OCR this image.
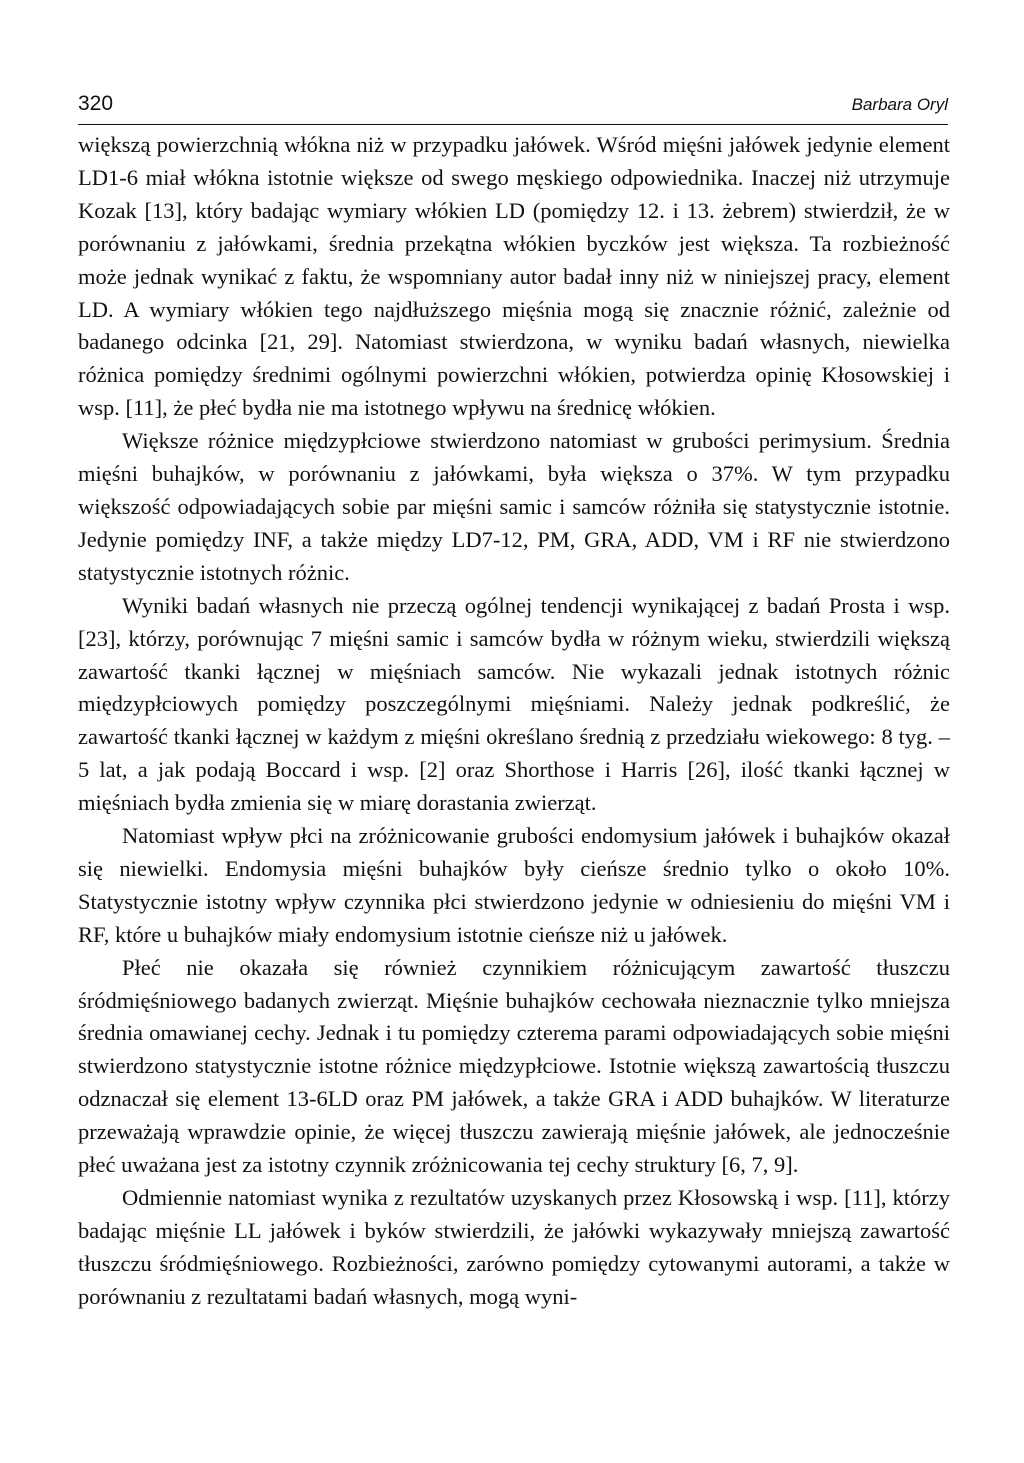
320	Barbara Oryl

większą powierzchnią włókna niż w przypadku jałówek. Wśród mięśni jałówek jedynie element LD1-6 miał włókna istotnie większe od swego męskiego odpowiednika. Inaczej niż utrzymuje Kozak [13], który badając wymiary włókien LD (pomiędzy 12. i 13. żebrem) stwierdził, że w porównaniu z jałówkami, średnia przekątna włókien byczków jest większa. Ta rozbieżność może jednak wynikać z faktu, że wspomniany autor badał inny niż w niniejszej pracy, element LD. A wymiary włókien tego najdłuższego mięśnia mogą się znacznie różnić, zależnie od badanego odcinka [21, 29]. Natomiast stwierdzona, w wyniku badań własnych, niewielka różnica pomiędzy średnimi ogólnymi powierzchni włókien, potwierdza opinię Kłosowskiej i wsp. [11], że płeć bydła nie ma istotnego wpływu na średnicę włókien.

Większe różnice międzypłciowe stwierdzono natomiast w grubości perimysium. Średnia mięśni buhajków, w porównaniu z jałówkami, była większa o 37%. W tym przypadku większość odpowiadających sobie par mięśni samic i samców różniła się statystycznie istotnie. Jedynie pomiędzy INF, a także między LD7-12, PM, GRA, ADD, VM i RF nie stwierdzono statystycznie istotnych różnic.

Wyniki badań własnych nie przeczą ogólnej tendencji wynikającej z badań Prosta i wsp. [23], którzy, porównując 7 mięśni samic i samców bydła w różnym wieku, stwierdzili większą zawartość tkanki łącznej w mięśniach samców. Nie wykazali jednak istotnych różnic międzypłciowych pomiędzy poszczególnymi mięśniami. Należy jednak podkreślić, że zawartość tkanki łącznej w każdym z mięśni określano średnią z przedziału wiekowego: 8 tyg. – 5 lat, a jak podają Boccard i wsp. [2] oraz Shorthose i Harris [26], ilość tkanki łącznej w mięśniach bydła zmienia się w miarę dorastania zwierząt.

Natomiast wpływ płci na zróżnicowanie grubości endomysium jałówek i buhajków okazał się niewielki. Endomysia mięśni buhajków były cieńsze średnio tylko o około 10%. Statystycznie istotny wpływ czynnika płci stwierdzono jedynie w odniesieniu do mięśni VM i RF, które u buhajków miały endomysium istotnie cieńsze niż u jałówek.

Płeć nie okazała się również czynnikiem różnicującym zawartość tłuszczu śródmięśniowego badanych zwierząt. Mięśnie buhajków cechowała nieznacznie tylko mniejsza średnia omawianej cechy. Jednak i tu pomiędzy czterema parami odpowiadających sobie mięśni stwierdzono statystycznie istotne różnice międzypłciowe. Istotnie większą zawartością tłuszczu odznaczał się element 13-6LD oraz PM jałówek, a także GRA i ADD buhajków. W literaturze przeważają wprawdzie opinie, że więcej tłuszczu zawierają mięśnie jałówek, ale jednocześnie płeć uważana jest za istotny czynnik zróżnicowania tej cechy struktury [6, 7, 9].

Odmiennie natomiast wynika z rezultatów uzyskanych przez Kłosowską i wsp. [11], którzy badając mięśnie LL jałówek i byków stwierdzili, że jałówki wykazywały mniejszą zawartość tłuszczu śródmięśniowego. Rozbieżności, zarówno pomiędzy cytowanymi autorami, a także w porównaniu z rezultatami badań własnych, mogą wyni-
